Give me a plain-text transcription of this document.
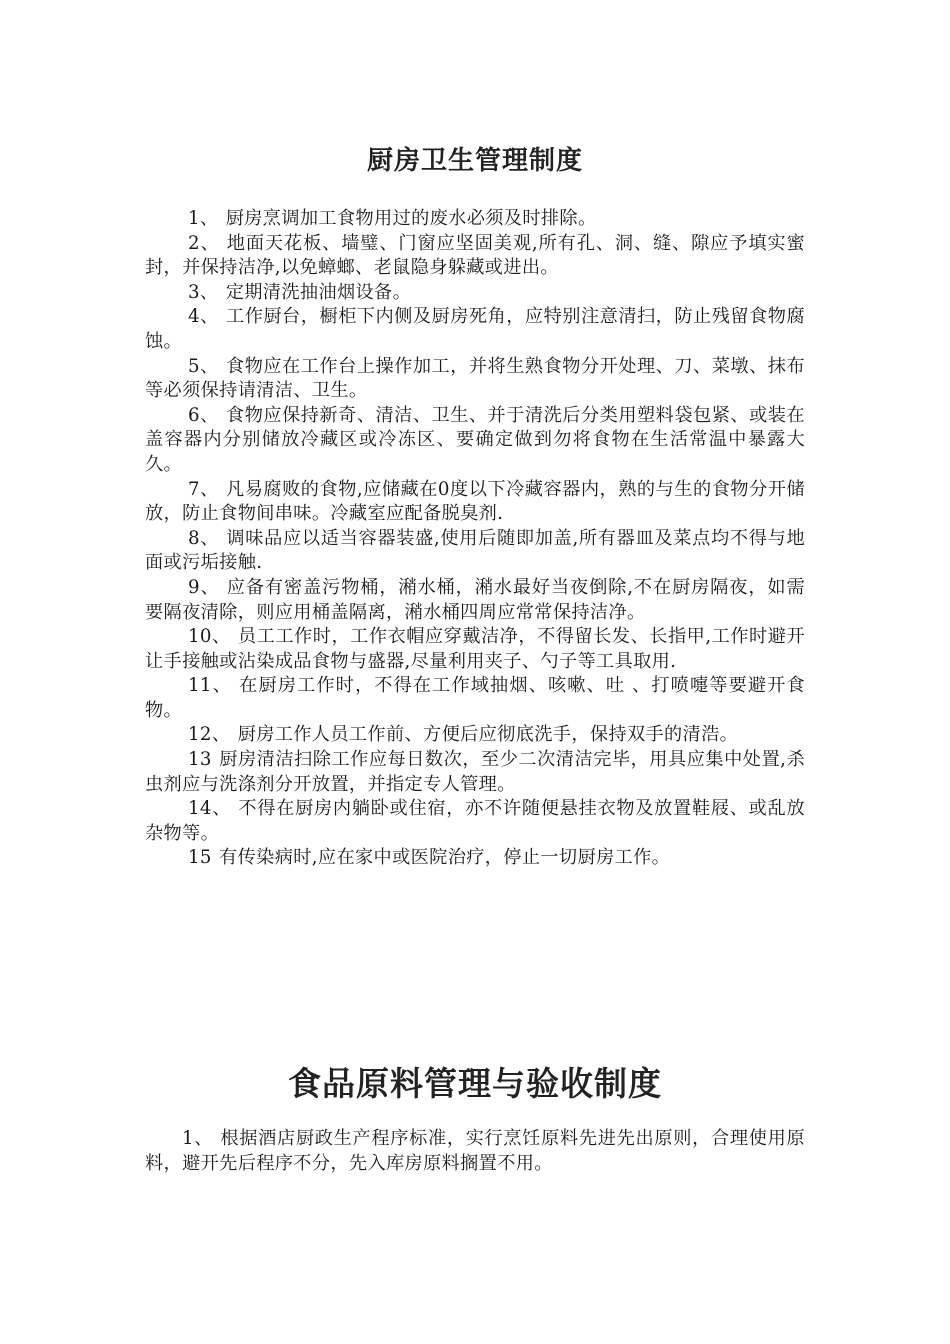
厨房卫生管理制度

1、 厨房烹调加工食物用过的废水必须及时排除。

2、 地面天花板、墙璧、门窗应坚固美观,所有孔、洞、缝、隙应予填实蜜封，并保持洁净,以免蟑螂、老鼠隐身躲藏或进出。

3、 定期清洗抽油烟设备。

4、 工作厨台，橱柜下内侧及厨房死角，应特别注意清扫，防止残留食物腐蚀。

5、 食物应在工作台上操作加工，并将生熟食物分开处理、刀、菜墩、抹布等必须保持请清洁、卫生。

6、 食物应保持新奇、清洁、卫生、并于清洗后分类用塑料袋包紧、或装在盖容器内分别储放冷藏区或冷冻区、要确定做到勿将食物在生活常温中暴露大久。

7、 凡易腐败的食物,应储藏在0度以下冷藏容器内，熟的与生的食物分开储放，防止食物间串味。冷藏室应配备脱臭剂.

8、 调味品应以适当容器装盛,使用后随即加盖,所有器皿及菜点均不得与地面或污垢接触.

9、 应备有密盖污物桶，潲水桶，潲水最好当夜倒除,不在厨房隔夜，如需要隔夜清除，则应用桶盖隔离，潲水桶四周应常常保持洁净。

10、 员工工作时，工作衣帽应穿戴洁净，不得留长发、长指甲,工作时避开让手接触或沾染成品食物与盛器,尽量利用夹子、勺子等工具取用.

11、 在厨房工作时，不得在工作域抽烟、咳嗽、吐 、打喷嚏等要避开食物。

12、 厨房工作人员工作前、方便后应彻底洗手，保持双手的清浩。

13 厨房清洁扫除工作应每日数次，至少二次清洁完毕，用具应集中处置,杀虫剂应与洗涤剂分开放置，并指定专人管理。

14、 不得在厨房内躺卧或住宿，亦不许随便悬挂衣物及放置鞋屐、或乱放杂物等。

15 有传染病时,应在家中或医院治疗，停止一切厨房工作。

食品原料管理与验收制度

1、 根据酒店厨政生产程序标准，实行烹饪原料先进先出原则，合理使用原料，避开先后程序不分，先入库房原料搁置不用。
